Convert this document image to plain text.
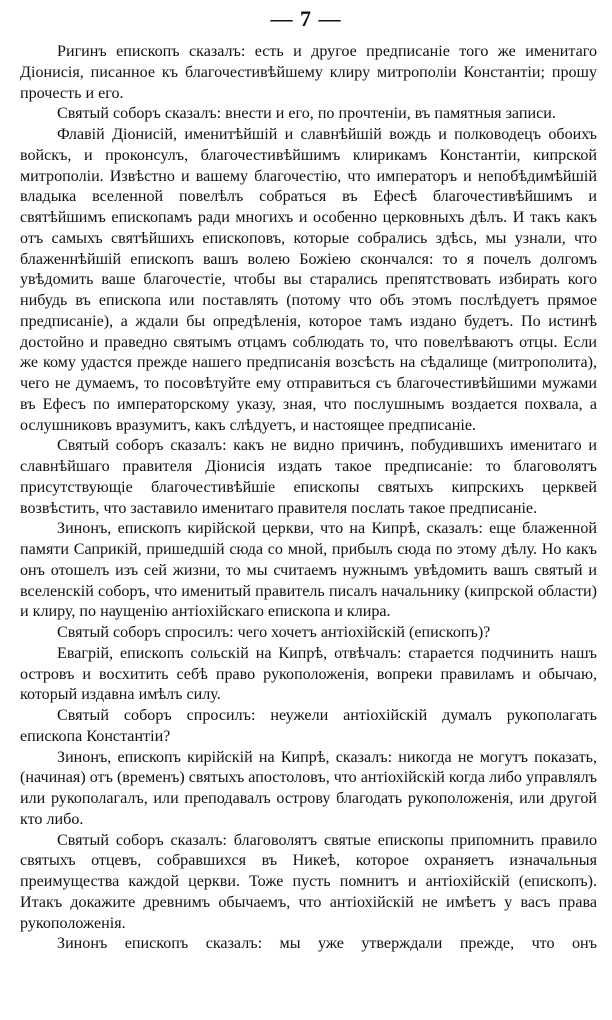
— 7 —

Ригинъ епископъ сказалъ: есть и другое предписаніе того же именитаго Діонисія, писанное къ благочестивѣйшему клиру митрополіи Константіи; прошу прочесть и его.

Святый соборъ сказалъ: внести и его, по прочтеніи, въ памятныя записи.

Флавій Діонисій, именитѣйшій и славнѣйшій вождь и полководецъ обоихъ войскъ, и проконсулъ, благочестивѣйшимъ клирикамъ Константіи, кипрской митрополіи. Извѣстно и вашему благочестію, что императоръ и непобѣдимѣйшій владыка вселенной повелѣлъ собраться въ Ефесѣ благочестивѣйшимъ и святѣйшимъ епископамъ ради многихъ и особенно церковныхъ дѣлъ. И такъ какъ отъ самыхъ святѣйшихъ епископовъ, которые собрались здѣсь, мы узнали, что блаженнѣйшій епископъ вашъ волею Божіею скончался: то я почелъ долгомъ увѣдомить ваше благочестіе, чтобы вы старались препятствовать избирать кого нибудь въ епископа или поставлять (потому что объ этомъ послѣдуетъ прямое предписаніе), а ждали бы опредѣленія, которое тамъ издано будетъ. По истинѣ достойно и праведно святымъ отцамъ соблюдать то, что повелѣваютъ отцы. Если же кому удастся прежде нашего предписанія возсѣсть на сѣдалище (митрополита), чего не думаемъ, то посовѣтуйте ему отправиться съ благочестивѣйшими мужами въ Ефесъ по императорскому указу, зная, что послушнымъ воздается похвала, а ослушниковъ вразумитъ, какъ слѣдуетъ, и настоящее предписаніе.

Святый соборъ сказалъ: какъ не видно причинъ, побудившихъ именитаго и славнѣйшаго правителя Діонисія издать такое предписаніе: то благоволятъ присутствующіе благочестивѣйшіе епископы святыхъ кипрскихъ церквей возвѣстить, что заставило именитаго правителя послать такое предписаніе.

Зинонъ, епископъ кирійской церкви, что на Кипрѣ, сказалъ: еще блаженной памяти Саприкій, пришедшій сюда со мной, прибылъ сюда по этому дѣлу. Но какъ онъ отошелъ изъ сей жизни, то мы считаемъ нужнымъ увѣдомить вашъ святый и вселенскій соборъ, что именитый правитель писалъ начальнику (кипрской области) и клиру, по наущенію антіохійскаго епископа и клира.

Святый соборъ спросилъ: чего хочетъ антіохійскій (епископъ)?

Евагрій, епископъ сольскій на Кипрѣ, отвѣчалъ: старается подчинить нашъ островъ и восхитить себѣ право рукоположенія, вопреки правиламъ и обычаю, который издавна имѣлъ силу.

Святый соборъ спросилъ: неужели антіохійскій думалъ рукополагать епископа Константіи?

Зинонъ, епископъ кирійскій на Кипрѣ, сказалъ: никогда не могутъ показать, (начиная) отъ (временъ) святыхъ апостоловъ, что антіохійскій когда либо управлялъ или рукополагалъ, или преподавалъ острову благодать рукоположенія, или другой кто либо.

Святый соборъ сказалъ: благоволятъ святые епископы припомнить правило святыхъ отцевъ, собравшихся въ Никеѣ, которое охраняетъ изначальныя преимущества каждой церкви. Тоже пусть помнитъ и антіохійскій (епископъ). Итакъ докажите древнимъ обычаемъ, что антіохійскій не имѣетъ у васъ права рукоположенія.

Зинонъ епископъ сказалъ: мы уже утверждали прежде, что онъ
